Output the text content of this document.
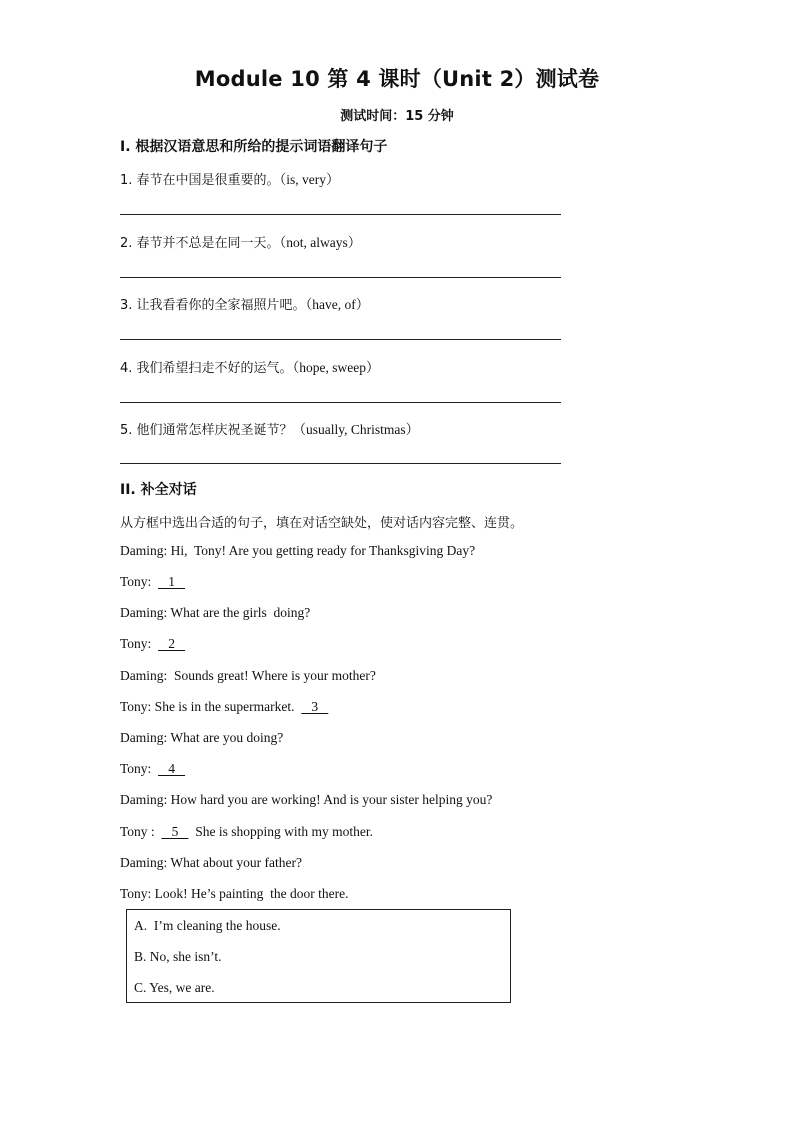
Module 10 第 4 课时（Unit 2）测试卷
测试时间：15 分钟
I. 根据汉语意思和所给的提示词语翻译句子
1. 春节在中国是很重要的。（is, very）
2. 春节并不总是在同一天。（not, always）
3. 让我看看你的全家福照片吧。（have, of）
4. 我们希望扫走不好的运气。（hope, sweep）
5. 他们通常怎样庆祝圣诞节？（usually, Christmas）
II. 补全对话
从方框中选出合适的句子，填在对话空缺处，使对话内容完整、连贯。
Daming: Hi,  Tony! Are you getting ready for Thanksgiving Day?
Tony:     1
Daming: What are the girls  doing?
Tony:     2
Daming:  Sounds great! Where is your mother?
Tony: She is in the supermarket.     3
Daming: What are you doing?
Tony:     4
Daming: How hard you are working! And is your sister helping you?
Tony :     5     She is shopping with my mother.
Daming: What about your father?
Tony: Look! He’s painting  the door there.
A.  I’m cleaning the house.
B. No, she isn’t.
C. Yes, we are.
